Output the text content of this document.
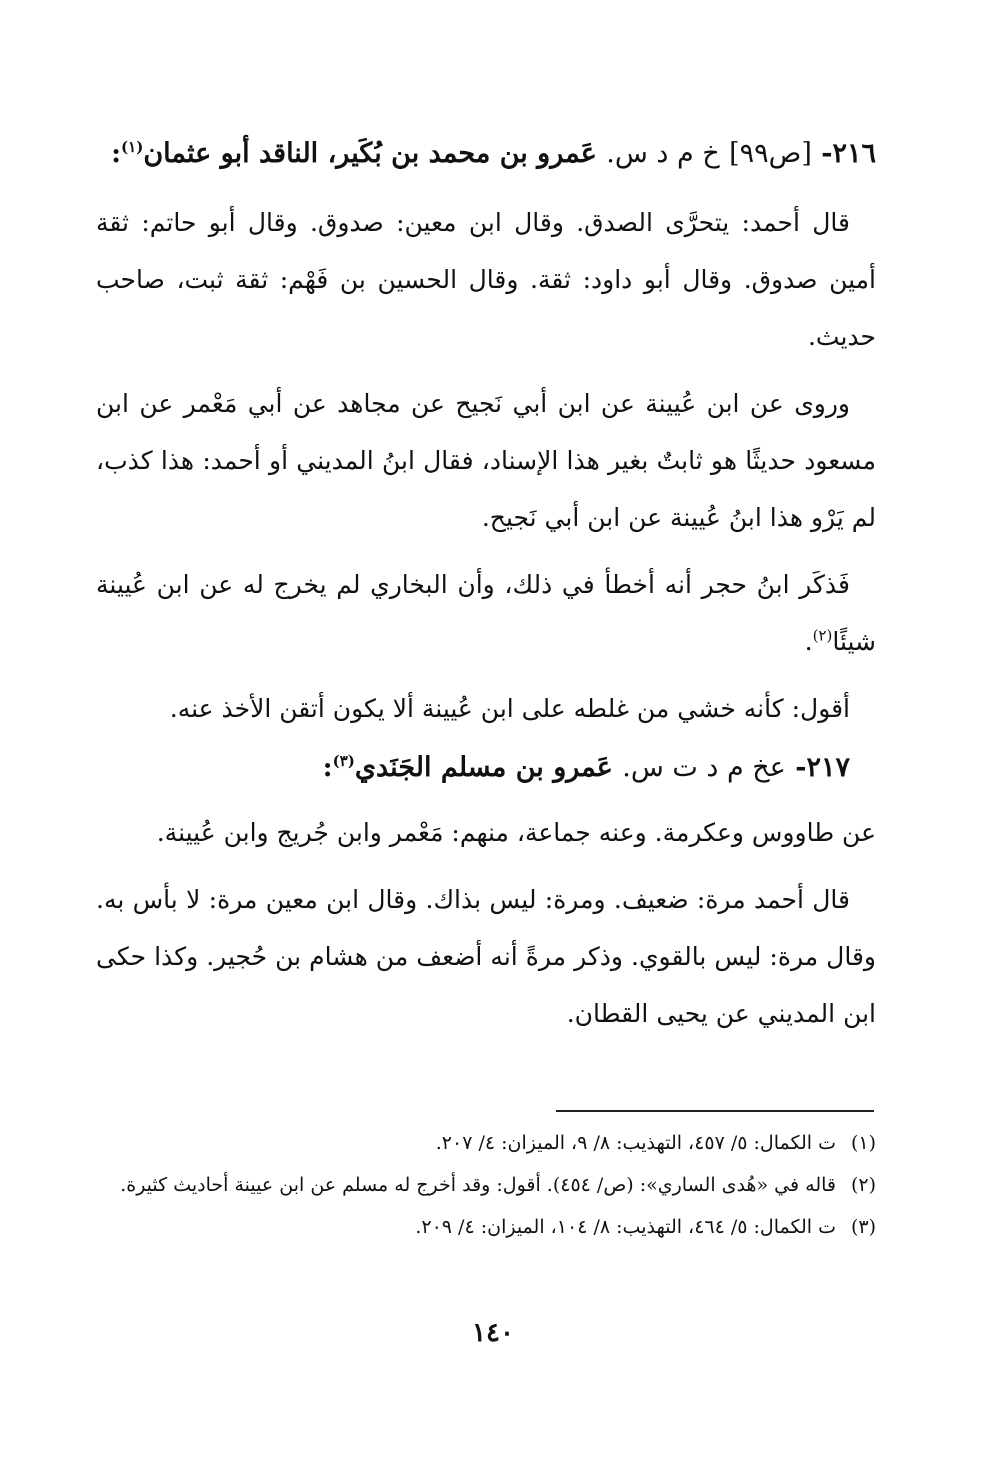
٢١٦- [ص٩٩] خ م د س. عَمرو بن محمد بن بُكَير، الناقد أبو عثمان$^{(١)}$:

قال أحمد: يتحرَّى الصدق. وقال ابن معين: صدوق. وقال أبو حاتم: ثقة أمين صدوق. وقال أبو داود: ثقة. وقال الحسين بن فَهْم: ثقة ثبت، صاحب حديث.

وروى عن ابن عُيينة عن ابن أبي نَجيح عن مجاهد عن أبي مَعْمر عن ابن مسعود حديثًا هو ثابتٌ بغير هذا الإسناد، فقال ابنُ المديني أو أحمد: هذا كذب، لم يَرْو هذا ابنُ عُيينة عن ابن أبي نَجيح.

فَذكَر ابنُ حجر أنه أخطأ في ذلك، وأن البخاري لم يخرج له عن ابن عُيينة شيئًا$^{(٢)}$.

أقول: كأنه خشي من غلطه على ابن عُيينة ألا يكون أتقن الأخذ عنه.

٢١٧- عخ م د ت س. عَمرو بن مسلم الجَنَدي$^{(٣)}$:

عن طاووس وعكرمة. وعنه جماعة، منهم: مَعْمر وابن جُريج وابن عُيينة.

قال أحمد مرة: ضعيف. ومرة: ليس بذاك. وقال ابن معين مرة: لا بأس به. وقال مرة: ليس بالقوي. وذكر مرةً أنه أضعف من هشام بن حُجير. وكذا حكى ابن المديني عن يحيى القطان.

(١)
ت الكمال: ٥/ ٤٥٧، التهذيب: ٨/ ٩، الميزان: ٤/ ٢٠٧.
(٢)
قاله في «هُدى الساري»: (ص/ ٤٥٤). أقول: وقد أخرج له مسلم عن ابن عيينة أحاديث كثيرة.
(٣)
ت الكمال: ٥/ ٤٦٤، التهذيب: ٨/ ١٠٤، الميزان: ٤/ ٢٠٩.
١٤٠
